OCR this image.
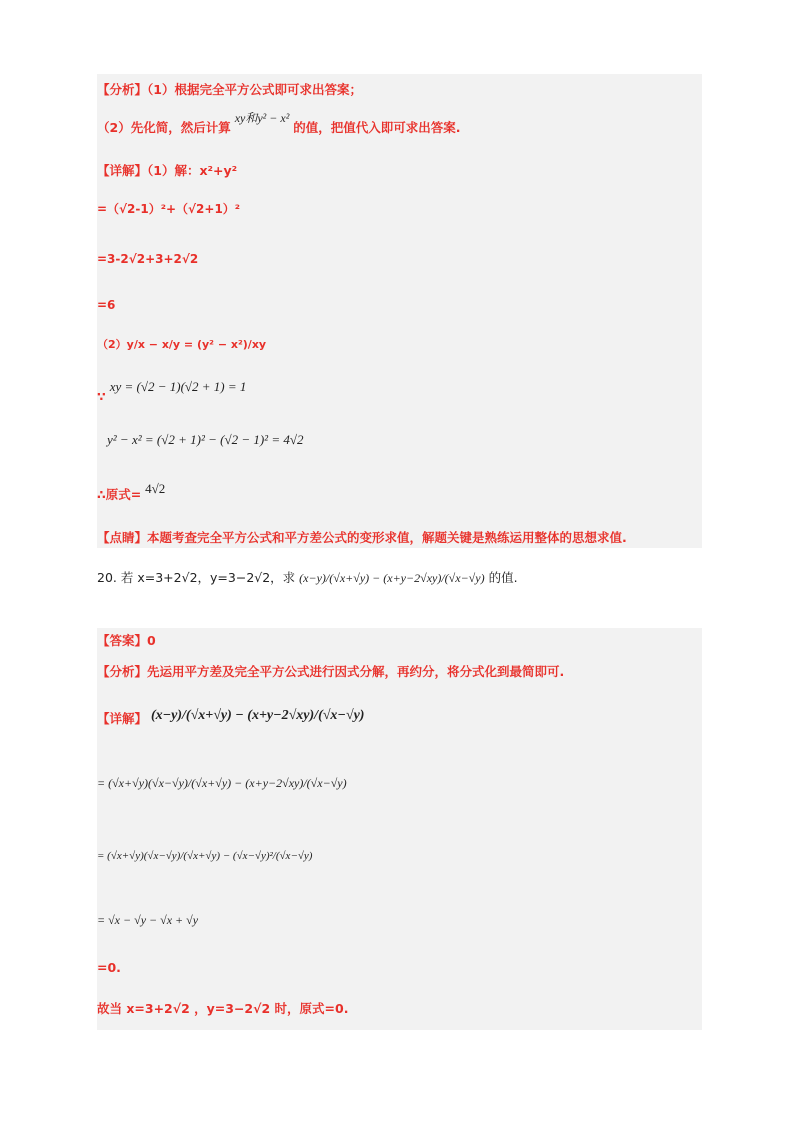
【分析】（1）根据完全平方公式即可求出答案；
（2）先化简，然后计算 xy和y² − x² 的值，把值代入即可求出答案.
【详解】（1）解：x²+y²
=（√2-1）²+（√2+1）²
=3-2√2+3+2√2
=6
（2）y/x − x/y = (y² − x²)/xy
∵ xy = (√2 − 1)(√2 + 1) = 1
y² − x² = (√2 + 1)² − (√2 − 1)² = 4√2
∴原式= 4√2
【点睛】本题考查完全平方公式和平方差公式的变形求值，解题关键是熟练运用整体的思想求值.
20. 若 x=3+2√2，y=3−2√2，求 (x−y)/(√x+√y) − (x+y−2√xy)/(√x−√y) 的值.
【答案】0
【分析】先运用平方差及完全平方公式进行因式分解，再约分，将分式化到最简即可.
【详解】 (x−y)/(√x+√y) − (x+y−2√xy)/(√x−√y)
= (√x+√y)(√x−√y)/(√x+√y) − (x+y−2√xy)/(√x−√y)
= (√x+√y)(√x−√y)/(√x+√y) − (√x−√y)²/(√x−√y)
= √x − √y − √x + √y
=0.
故当 x=3+2√2 ，y=3−2√2 时，原式=0.
